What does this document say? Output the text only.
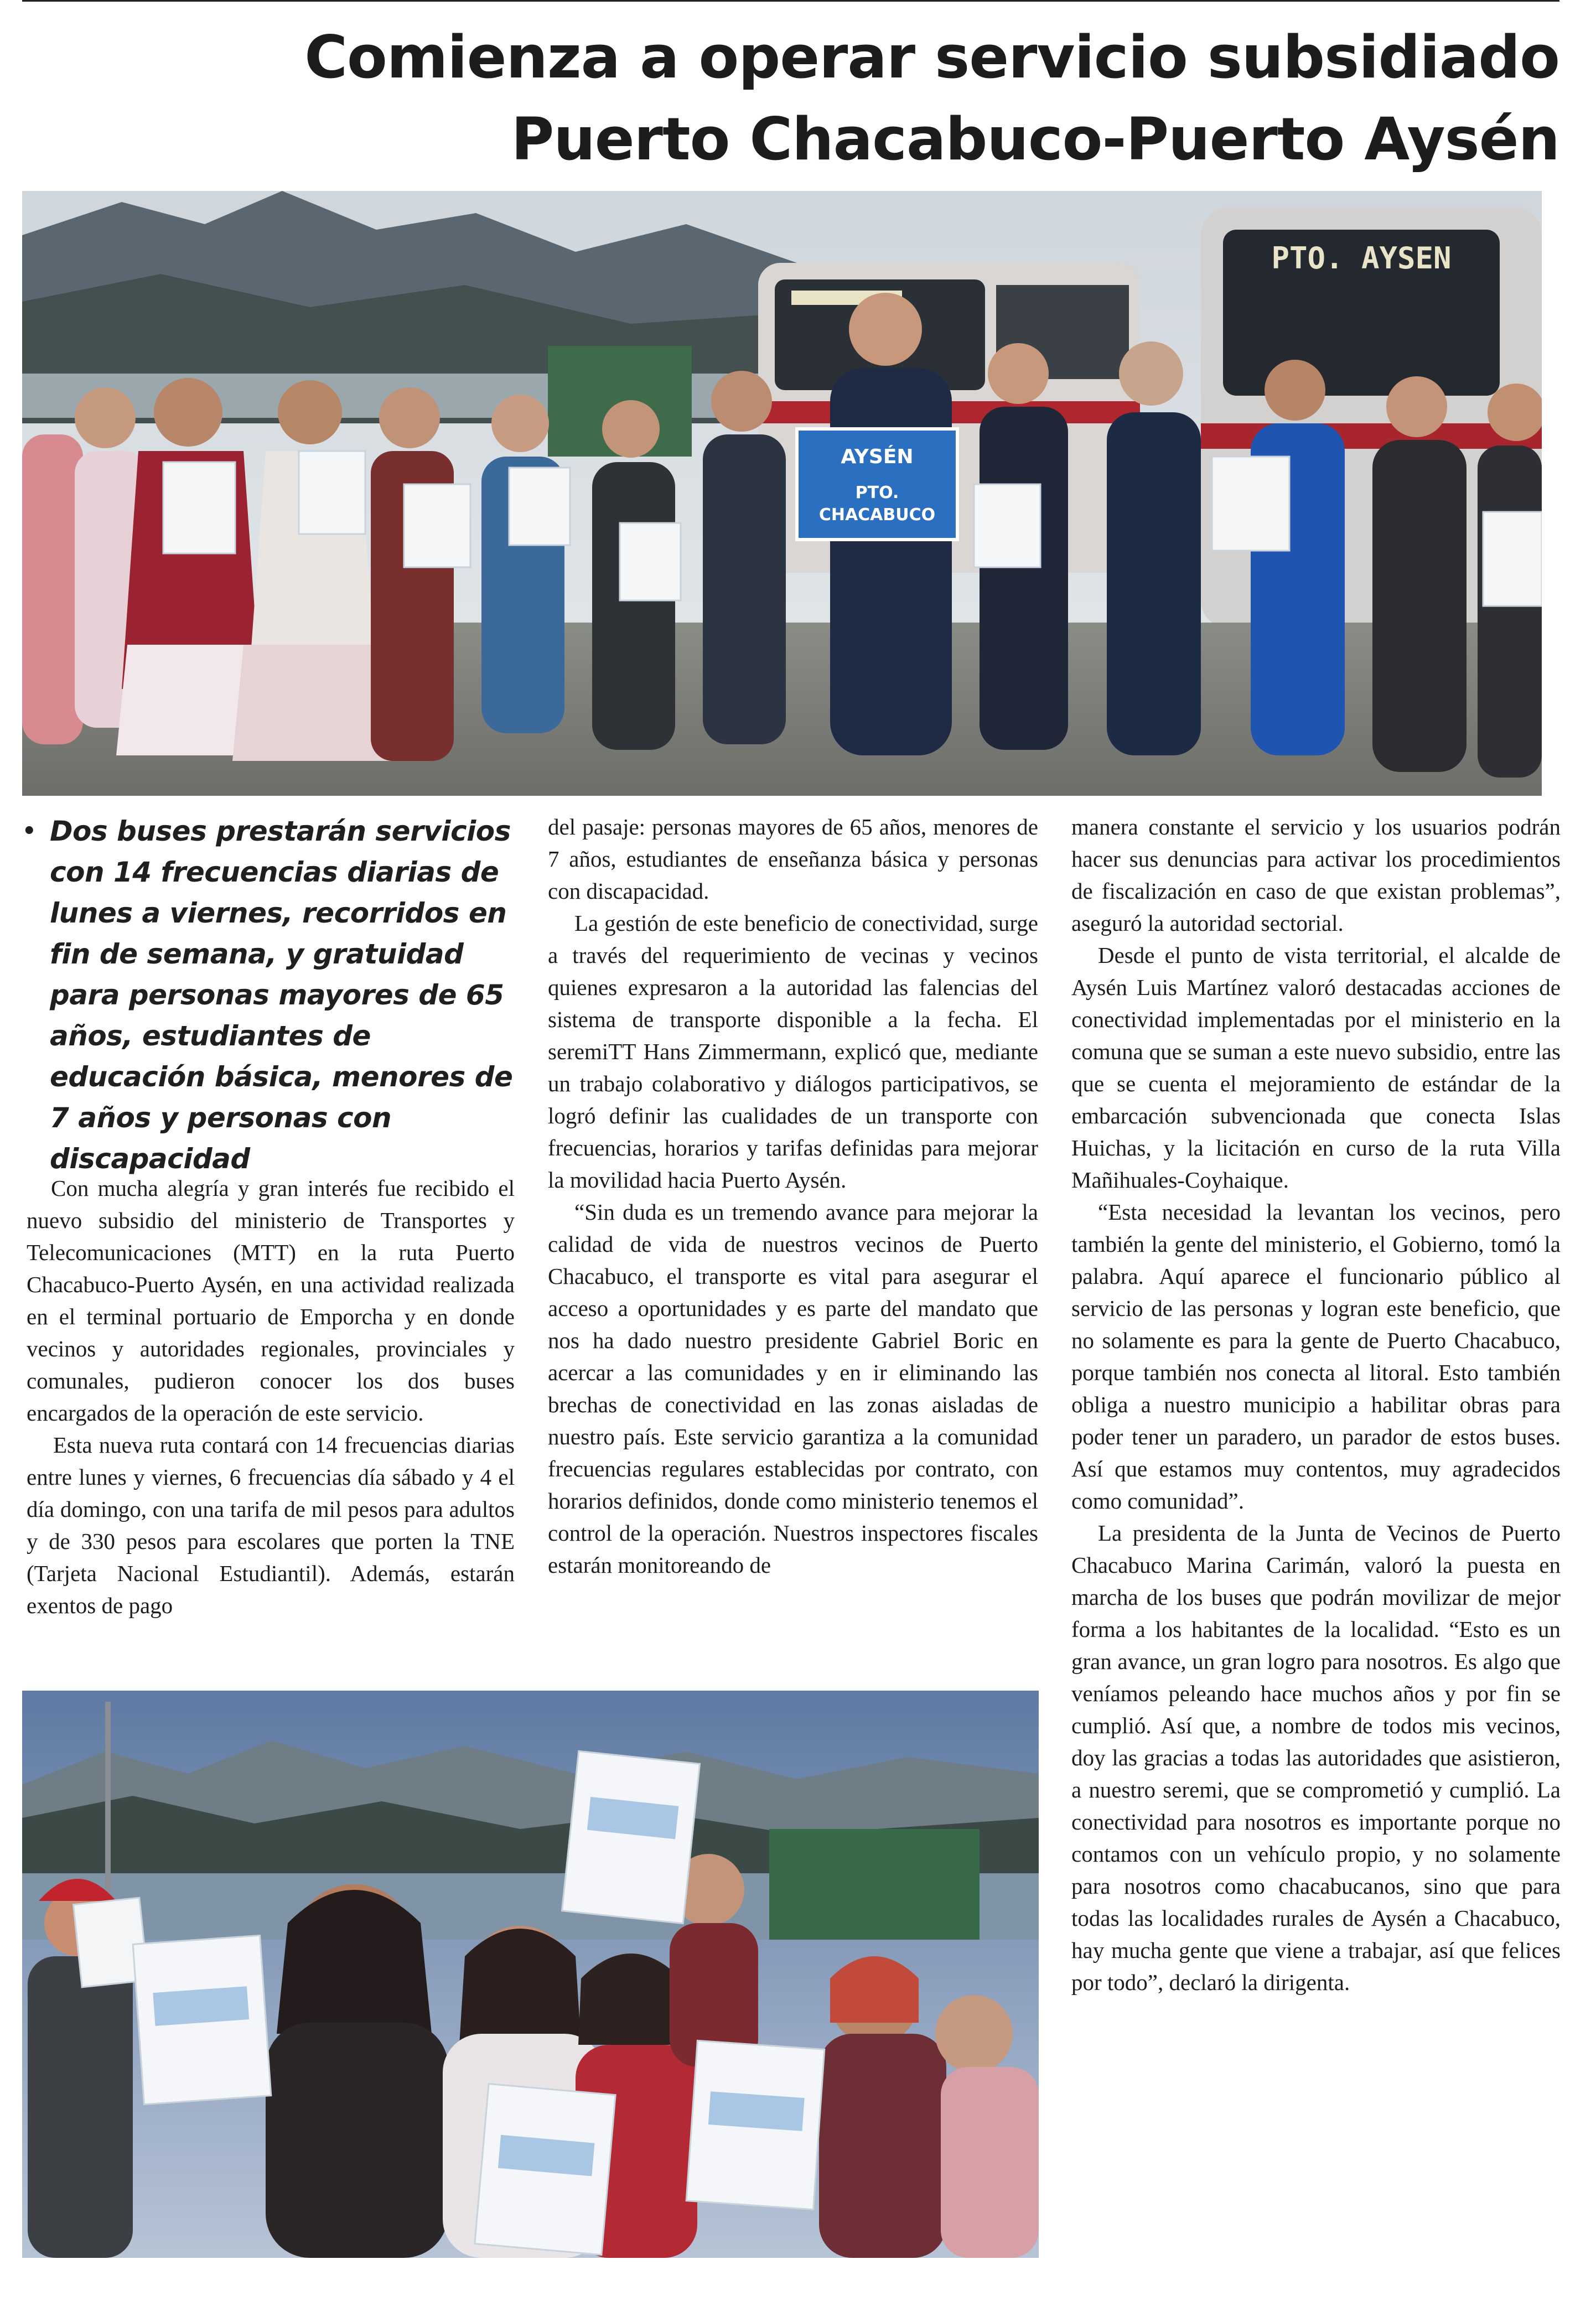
Comienza a operar servicio subsidiado Puerto Chacabuco-Puerto Aysén
PTO. AYSEN
AYSÉN
PTO.
CHACABUCO
• Dos buses prestarán servicios con 14 frecuencias diarias de lunes a viernes, recorridos en fin de semana, y gratuidad para personas mayores de 65 años, estudiantes de educación básica, menores de 7 años y personas con discapacidad

Con mucha alegría y gran interés fue recibido el nuevo subsidio del ministerio de Transportes y Telecomunicaciones (MTT) en la ruta Puerto Chacabuco-Puerto Aysén, en una actividad realizada en el terminal portuario de Emporcha y en donde vecinos y autoridades regionales, provinciales y comunales, pudieron conocer los dos buses encargados de la operación de este servicio.

Esta nueva ruta contará con 14 frecuencias diarias entre lunes y viernes, 6 frecuencias día sábado y 4 el día domingo, con una tarifa de mil pesos para adultos y de 330 pesos para escolares que porten la TNE (Tarjeta Nacional Estudiantil). Además, estarán exentos de pago

del pasaje: personas mayores de 65 años, menores de 7 años, estudiantes de enseñanza básica y personas con discapacidad.

La gestión de este beneficio de conectividad, surge a través del requerimiento de vecinas y vecinos quienes expresaron a la autoridad las falencias del sistema de transporte disponible a la fecha. El seremiTT Hans Zimmermann, explicó que, mediante un trabajo colaborativo y diálogos participativos, se logró definir las cualidades de un transporte con frecuencias, horarios y tarifas definidas para mejorar la movilidad hacia Puerto Aysén.

“Sin duda es un tremendo avance para mejorar la calidad de vida de nuestros vecinos de Puerto Chacabuco, el transporte es vital para asegurar el acceso a oportunidades y es parte del mandato que nos ha dado nuestro presidente Gabriel Boric en acercar a las comunidades y en ir eliminando las brechas de conectividad en las zonas aisladas de nuestro país. Este servicio garantiza a la comunidad frecuencias regulares establecidas por contrato, con horarios definidos, donde como ministerio tenemos el control de la operación. Nuestros inspectores fiscales estarán monitoreando de

manera constante el servicio y los usuarios podrán hacer sus denuncias para activar los procedimientos de fiscalización en caso de que existan problemas”, aseguró la autoridad sectorial.

Desde el punto de vista territorial, el alcalde de Aysén Luis Martínez valoró destacadas acciones de conectividad implementadas por el ministerio en la comuna que se suman a este nuevo subsidio, entre las que se cuenta el mejoramiento de estándar de la embarcación subvencionada que conecta Islas Huichas, y la licitación en curso de la ruta Villa Mañihuales-Coyhaique.

“Esta necesidad la levantan los vecinos, pero también la gente del ministerio, el Gobierno, tomó la palabra. Aquí aparece el funcionario público al servicio de las personas y logran este beneficio, que no solamente es para la gente de Puerto Chacabuco, porque también nos conecta al litoral. Esto también obliga a nuestro municipio a habilitar obras para poder tener un paradero, un parador de estos buses. Así que estamos muy contentos, muy agradecidos como comunidad”.

La presidenta de la Junta de Vecinos de Puerto Chacabuco Marina Carimán, valoró la puesta en marcha de los buses que podrán movilizar de mejor forma a los habitantes de la localidad. “Esto es un gran avance, un gran logro para nosotros. Es algo que veníamos peleando hace muchos años y por fin se cumplió. Así que, a nombre de todos mis vecinos, doy las gracias a todas las autoridades que asistieron, a nuestro seremi, que se comprometió y cumplió. La conectividad para nosotros es importante porque no contamos con un vehículo propio, y no solamente para nosotros como chacabucanos, sino que para todas las localidades rurales de Aysén a Chacabuco, hay mucha gente que viene a trabajar, así que felices por todo”, declaró la dirigenta.
